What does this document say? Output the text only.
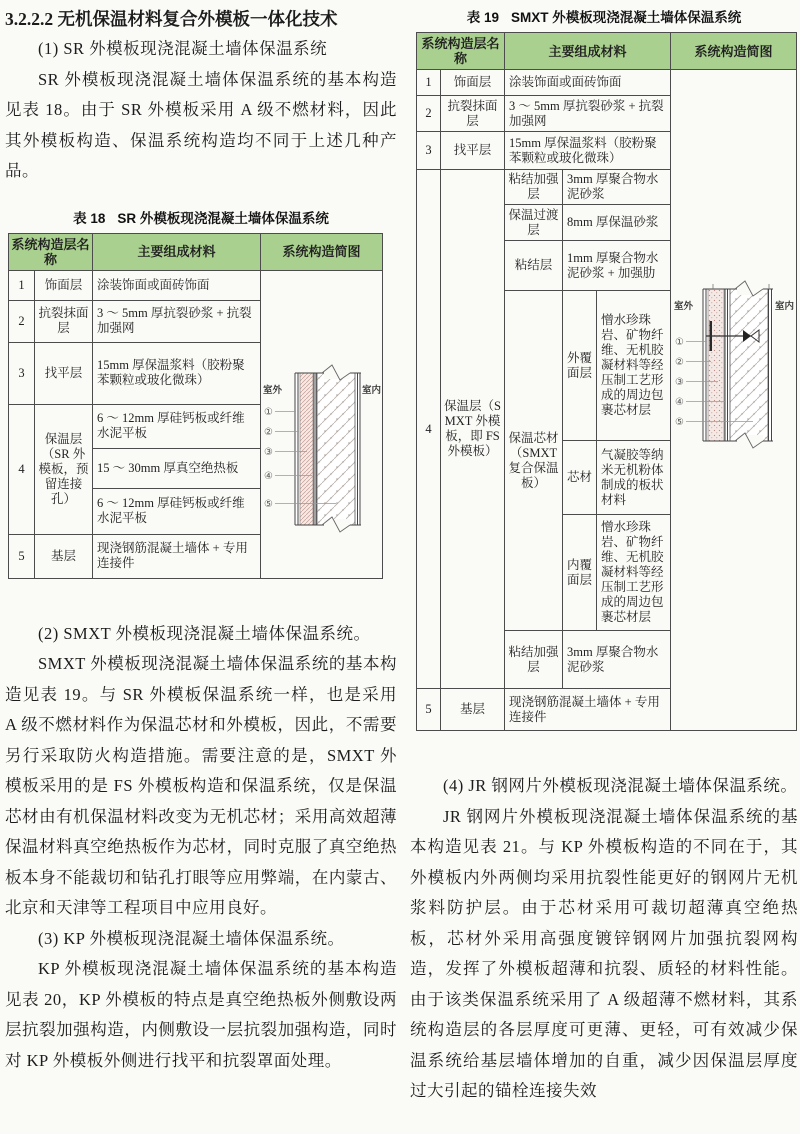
3.2.2.2 无机保温材料复合外模板一体化技术

(1) SR 外模板现浇混凝土墙体保温系统

SR 外模板现浇混凝土墙体保温系统的基本构造见表 18。由于 SR 外模板采用 A 级不燃材料，因此其外模板构造、保温系统构造均不同于上述几种产品。

表 18 SR 外模板现浇混凝土墙体保温系统
系统构造层名称		主要组成材料	系统构造简图
1	饰面层	涂装饰面或面砖饰面	
室外	室内
①
②
③
④
⑤

2	抗裂抹面层	3 ～ 5mm 厚抗裂砂浆 + 抗裂加强网	
3	找平层	15mm 厚保温浆料（胶粉聚苯颗粒或玻化微珠）	
4	保温层（SR 外模板，预留连接孔）	6 ～ 12mm 厚硅钙板或纤维水泥平板	
		15 ～ 30mm 厚真空绝热板	
		6 ～ 12mm 厚硅钙板或纤维水泥平板	
5	基层	现浇钢筋混凝土墙体 + 专用连接件	

(2) SMXT 外模板现浇混凝土墙体保温系统。

SMXT 外模板现浇混凝土墙体保温系统的基本构造见表 19。与 SR 外模板保温系统一样，也是采用 A 级不燃材料作为保温芯材和外模板，因此，不需要另行采取防火构造措施。需要注意的是，SMXT 外模板采用的是 FS 外模板构造和保温系统，仅是保温芯材由有机保温材料改变为无机芯材；采用高效超薄保温材料真空绝热板作为芯材，同时克服了真空绝热板本身不能裁切和钻孔打眼等应用弊端，在内蒙古、北京和天津等工程项目中应用良好。

(3) KP 外模板现浇混凝土墙体保温系统。

KP 外模板现浇混凝土墙体保温系统的基本构造见表 20，KP 外模板的特点是真空绝热板外侧敷设两层抗裂加强构造，内侧敷设一层抗裂加强构造，同时对 KP 外模板外侧进行找平和抗裂罩面处理。

表 19 SMXT 外模板现浇混凝土墙体保温系统
系统构造层名称		主要组成材料			系统构造简图
1	饰面层	涂装饰面或面砖饰面	
室外	室内
①
②
③
④
⑤

2	抗裂抹面层	3 ～ 5mm 厚抗裂砂浆 + 抗裂加强网			
3	找平层	15mm 厚保温浆料（胶粉聚苯颗粒或玻化微珠）			
4	保温层（SMXT 外模板，即 FS 外模板）	粘结加强层	3mm 厚聚合物水泥砂浆		
		保温过渡层	8mm 厚保温砂浆		
		粘结层	1mm 厚聚合物水泥砂浆 + 加强肋		
		保温芯材（SMXT 复合保温板）	外覆面层	憎水珍珠岩、矿物纤维、无机胶凝材料等经压制工艺形成的周边包裹芯材层	
			芯材	气凝胶等纳米无机粉体制成的板状材料	
			内覆面层	憎水珍珠岩、矿物纤维、无机胶凝材料等经压制工艺形成的周边包裹芯材层	
		粘结加强层	3mm 厚聚合物水泥砂浆		
5	基层	现浇钢筋混凝土墙体 + 专用连接件			

(4) JR 钢网片外模板现浇混凝土墙体保温系统。

JR 钢网片外模板现浇混凝土墙体保温系统的基本构造见表 21。与 KP 外模板构造的不同在于，其外模板内外两侧均采用抗裂性能更好的钢网片无机浆料防护层。由于芯材采用可裁切超薄真空绝热板，芯材外采用高强度镀锌钢网片加强抗裂网构造，发挥了外模板超薄和抗裂、质轻的材料性能。由于该类保温系统采用了 A 级超薄不燃材料，其系统构造层的各层厚度可更薄、更轻，可有效减少保温系统给基层墙体增加的自重，减少因保温层厚度过大引起的锚栓连接失效
